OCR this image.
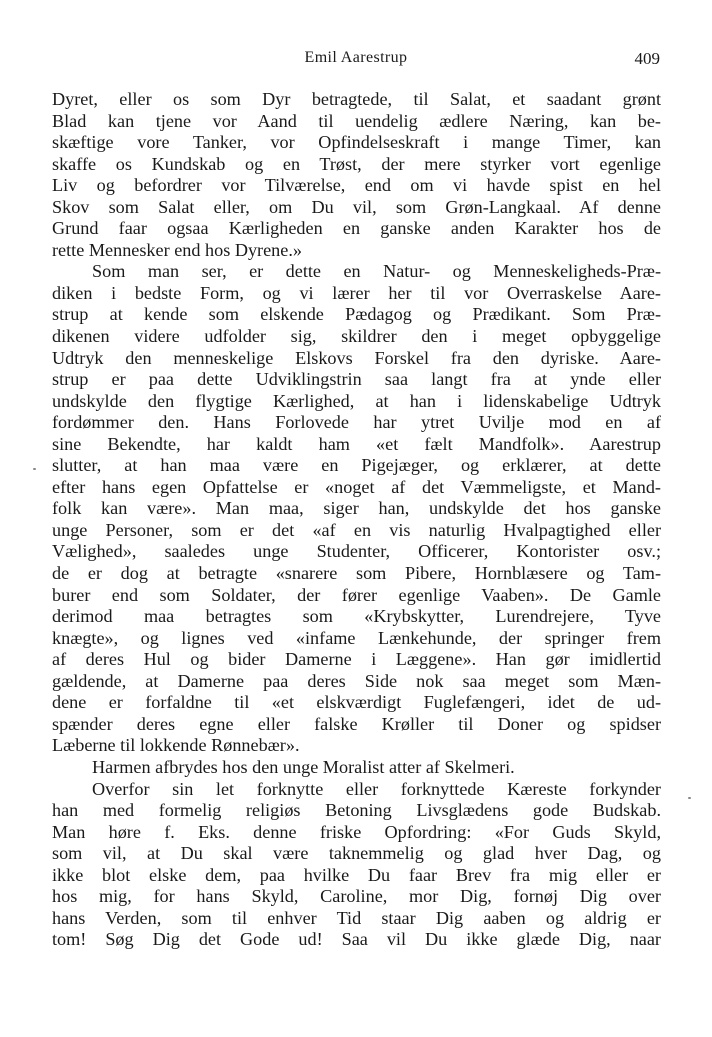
Emil Aarestrup	409
Dyret, eller os som Dyr betragtede, til Salat, et saadant grønt
Blad kan tjene vor Aand til uendelig ædlere Næring, kan be-
skæftige vore Tanker, vor Opfindelseskraft i mange Timer, kan
skaffe os Kundskab og en Trøst, der mere styrker vort egenlige
Liv og befordrer vor Tilværelse, end om vi havde spist en hel
Skov som Salat eller, om Du vil, som Grøn-Langkaal. Af denne
Grund faar ogsaa Kærligheden en ganske anden Karakter hos de
rette Mennesker end hos Dyrene.»
Som man ser, er dette en Natur- og Menneskeligheds-Præ-
diken i bedste Form, og vi lærer her til vor Overraskelse Aare-
strup at kende som elskende Pædagog og Prædikant. Som Præ-
dikenen videre udfolder sig, skildrer den i meget opbyggelige
Udtryk den menneskelige Elskovs Forskel fra den dyriske. Aare-
strup er paa dette Udviklingstrin saa langt fra at ynde eller
undskylde den flygtige Kærlighed, at han i lidenskabelige Udtryk
fordømmer den. Hans Forlovede har ytret Uvilje mod en af
sine Bekendte, har kaldt ham «et fælt Mandfolk». Aarestrup
slutter, at han maa være en Pigejæger, og erklærer, at dette
efter hans egen Opfattelse er «noget af det Væmmeligste, et Mand-
folk kan være». Man maa, siger han, undskylde det hos ganske
unge Personer, som er det «af en vis naturlig Hvalpagtighed eller
Vælighed», saaledes unge Studenter, Officerer, Kontorister osv.;
de er dog at betragte «snarere som Pibere, Hornblæsere og Tam-
burer end som Soldater, der fører egenlige Vaaben». De Gamle
derimod maa betragtes som «Krybskytter, Lurendrejere, Tyve
knægte», og lignes ved «infame Lænkehunde, der springer frem
af deres Hul og bider Damerne i Læggene». Han gør imidlertid
gældende, at Damerne paa deres Side nok saa meget som Mæn-
dene er forfaldne til «et elskværdigt Fuglefængeri, idet de ud-
spænder deres egne eller falske Krøller til Doner og spidser
Læberne til lokkende Rønnebær».
Harmen afbrydes hos den unge Moralist atter af Skelmeri.
Overfor sin let forknytte eller forknyttede Kæreste forkynder
han med formelig religiøs Betoning Livsglædens gode Budskab.
Man høre f. Eks. denne friske Opfordring: «For Guds Skyld,
som vil, at Du skal være taknemmelig og glad hver Dag, og
ikke blot elske dem, paa hvilke Du faar Brev fra mig eller er
hos mig, for hans Skyld, Caroline, mor Dig, fornøj Dig over
hans Verden, som til enhver Tid staar Dig aaben og aldrig er
tom! Søg Dig det Gode ud! Saa vil Du ikke glæde Dig, naar
